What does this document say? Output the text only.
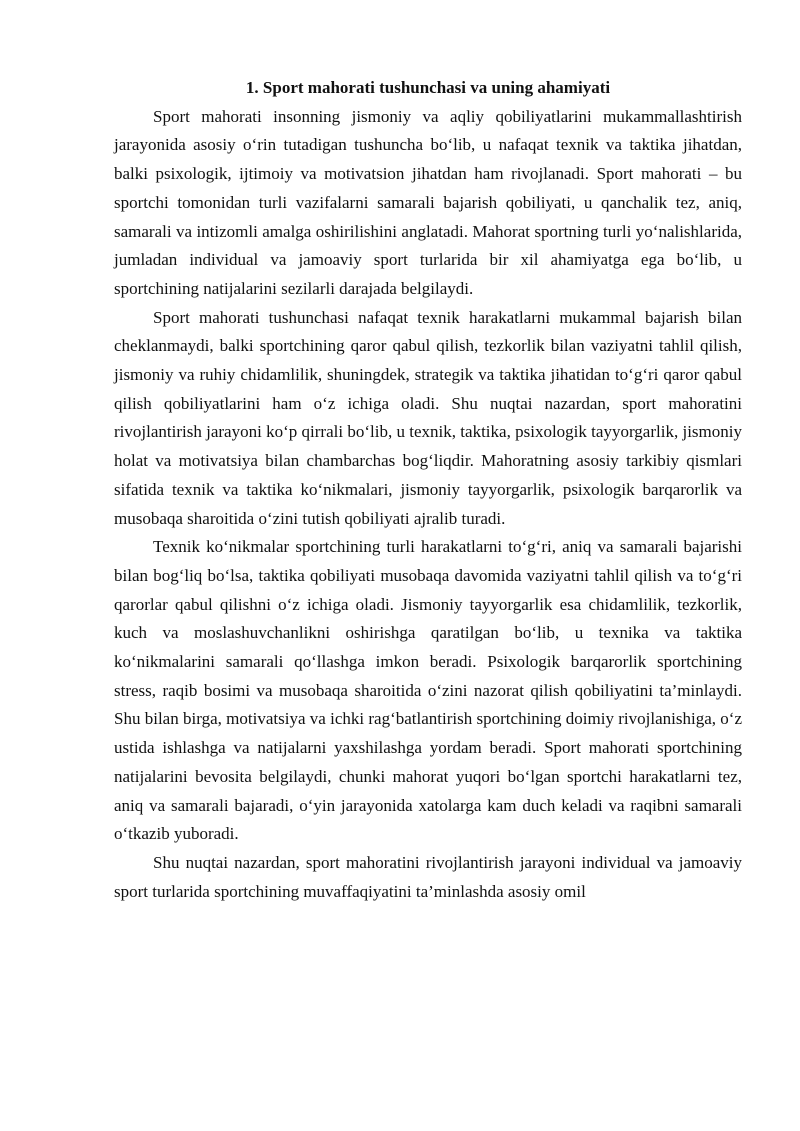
1. Sport mahorati tushunchasi va uning ahamiyati

Sport mahorati insonning jismoniy va aqliy qobiliyatlarini mukammallashtirish jarayonida asosiy o‘rin tutadigan tushuncha bo‘lib, u nafaqat texnik va taktika jihatdan, balki psixologik, ijtimoiy va motivatsion jihatdan ham rivojlanadi. Sport mahorati – bu sportchi tomonidan turli vazifalarni samarali bajarish qobiliyati, u qanchalik tez, aniq, samarali va intizomli amalga oshirilishini anglatadi. Mahorat sportning turli yo‘nalishlarida, jumladan individual va jamoaviy sport turlarida bir xil ahamiyatga ega bo‘lib, u sportchining natijalarini sezilarli darajada belgilaydi.

Sport mahorati tushunchasi nafaqat texnik harakatlarni mukammal bajarish bilan cheklanmaydi, balki sportchining qaror qabul qilish, tezkorlik bilan vaziyatni tahlil qilish, jismoniy va ruhiy chidamlilik, shuningdek, strategik va taktika jihatidan to‘g‘ri qaror qabul qilish qobiliyatlarini ham o‘z ichiga oladi. Shu nuqtai nazardan, sport mahoratini rivojlantirish jarayoni ko‘p qirrali bo‘lib, u texnik, taktika, psixologik tayyorgarlik, jismoniy holat va motivatsiya bilan chambarchas bog‘liqdir. Mahoratning asosiy tarkibiy qismlari sifatida texnik va taktika ko‘nikmalari, jismoniy tayyorgarlik, psixologik barqarorlik va musobaqa sharoitida o‘zini tutish qobiliyati ajralib turadi.

Texnik ko‘nikmalar sportchining turli harakatlarni to‘g‘ri, aniq va samarali bajarishi bilan bog‘liq bo‘lsa, taktika qobiliyati musobaqa davomida vaziyatni tahlil qilish va to‘g‘ri qarorlar qabul qilishni o‘z ichiga oladi. Jismoniy tayyorgarlik esa chidamlilik, tezkorlik, kuch va moslashuvchanlikni oshirishga qaratilgan bo‘lib, u texnika va taktika ko‘nikmalarini samarali qo‘llashga imkon beradi. Psixologik barqarorlik sportchining stress, raqib bosimi va musobaqa sharoitida o‘zini nazorat qilish qobiliyatini ta’minlaydi. Shu bilan birga, motivatsiya va ichki rag‘batlantirish sportchining doimiy rivojlanishiga, o‘z ustida ishlashga va natijalarni yaxshilashga yordam beradi. Sport mahorati sportchining natijalarini bevosita belgilaydi, chunki mahorat yuqori bo‘lgan sportchi harakatlarni tez, aniq va samarali bajaradi, o‘yin jarayonida xatolarga kam duch keladi va raqibni samarali o‘tkazib yuboradi.

Shu nuqtai nazardan, sport mahoratini rivojlantirish jarayoni individual va jamoaviy sport turlarida sportchining muvaffaqiyatini ta’minlashda asosiy omil
